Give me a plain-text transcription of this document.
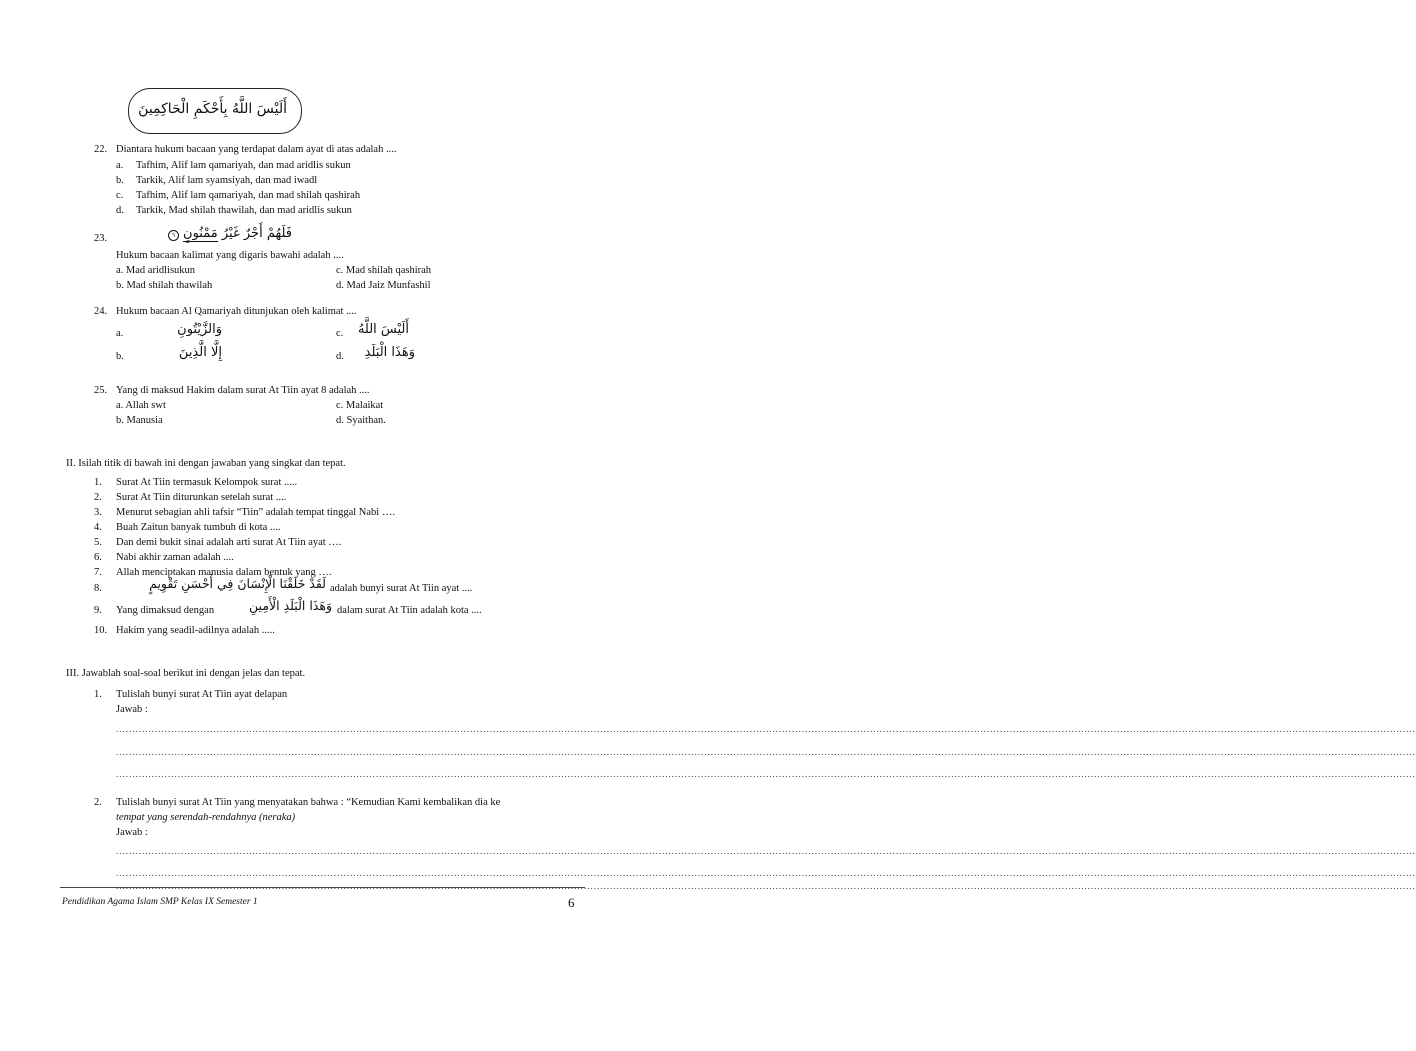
أَلَيْسَ اللَّهُ بِأَحْكَمِ الْحَاكِمِينَ
22. Diantara hukum bacaan yang terdapat dalam ayat di atas adalah ....
a. Tafhim, Alif lam qamariyah, dan mad aridlis sukun
b. Tarkik, Alif lam syamsiyah, dan mad iwadl
c. Tafhim, Alif lam qamariyah, dan mad shilah qashirah
d. Tarkik, Mad shilah thawilah, dan mad aridlis sukun
23.	فَلَهُمْ أَجْرٌ غَيْرُ مَمْنُونٍ ٦
Hukum bacaan kalimat yang digaris bawahi adalah ....
a. Mad aridlisukun	c. Mad shilah qashirah
b. Mad shilah thawilah	d. Mad Jaiz Munfashil
24. Hukum bacaan Al Qamariyah ditunjukan oleh kalimat ....
a.	وَالزَّيْتُونِ	c.	أَلَيْسَ اللَّهُ
b.	إِلَّا الَّذِينَ	d.	وَهَذَا الْبَلَدِ
25. Yang di maksud Hakim dalam surat At Tiin ayat 8 adalah ....
a. Allah swt	c. Malaikat
b. Manusia	d. Syaithan.
II. Isilah titik di bawah ini dengan jawaban yang singkat dan tepat.
1. Surat At Tiin termasuk Kelompok surat .....
2. Surat At Tiin diturunkan setelah surat ....
3. Menurut sebagian ahli tafsir “Tiin” adalah tempat tinggal Nabi ….
4. Buah Zaitun banyak tumbuh di kota ....
5. Dan demi bukit sinai adalah arti surat At Tiin ayat ….
6. Nabi akhir zaman adalah ....
7. Allah menciptakan manusia dalam bentuk yang ….
8.	لَقَدْ خَلَقْنَا الْإِنْسَانَ فِي أَحْسَنِ تَقْوِيمٍ adalah bunyi surat At Tiin ayat ....
9. Yang dimaksud dengan	وَهَذَا الْبَلَدِ الْأَمِينِ dalam surat At Tiin adalah kota ....
10. Hakim yang seadil-adilnya adalah .....
III. Jawablah soal-soal berikut ini dengan jelas dan tepat.
1. Tulislah bunyi surat At Tiin ayat delapan
Jawab :
................................................................................................................................................................................................................................................................................................................................................................................................................
................................................................................................................................................................................................................................................................................................................................................................................................................
................................................................................................................................................................................................................................................................................................................................................................................................................
2. Tulislah bunyi surat At Tiin yang menyatakan bahwa : “Kemudian Kami kembalikan dia ke
tempat yang serendah-rendahnya (neraka)
Jawab :
................................................................................................................................................................................................................................................................................................................................................................................................................
................................................................................................................................................................................................................................................................................................................................................................................................................
................................................................................................................................................................................................................................................................................................................................................................................................................
Pendidikan Agama Islam SMP Kelas IX Semester 1	6
